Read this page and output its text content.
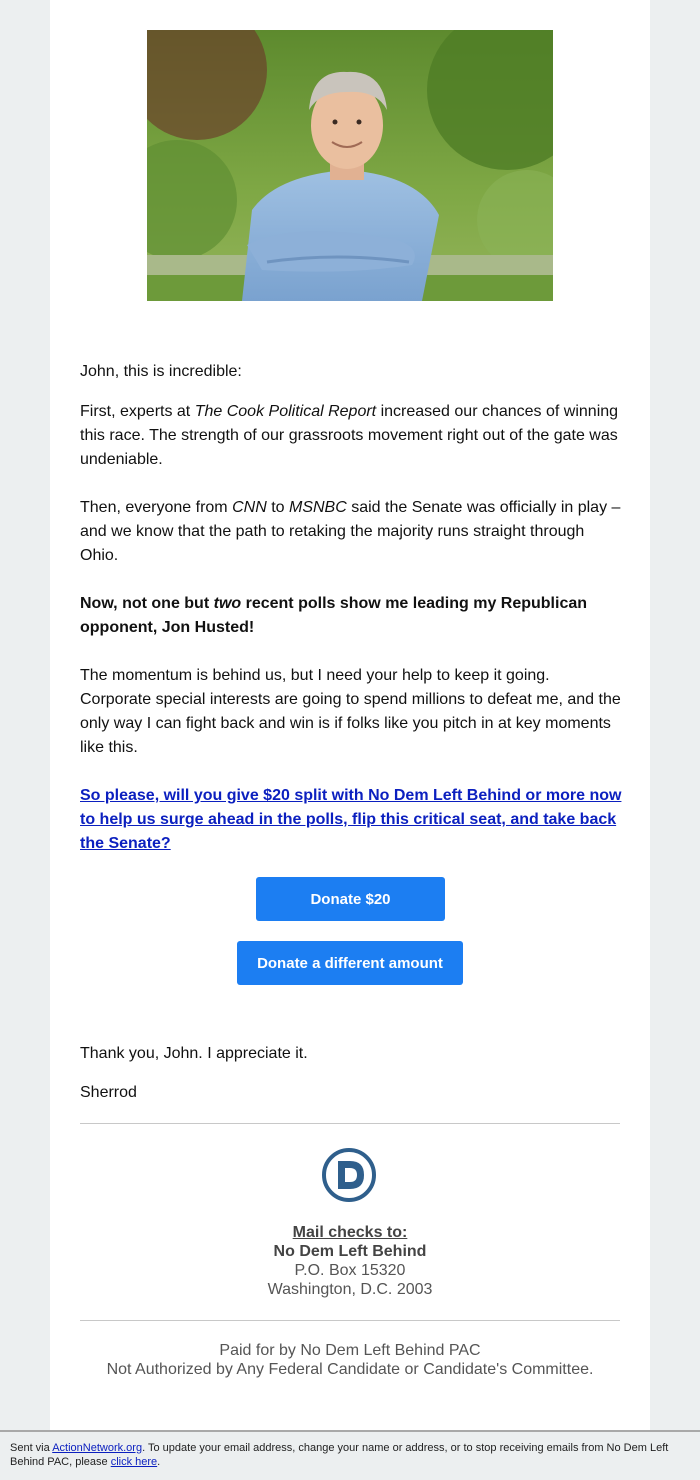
John, this is incredible:

First, experts at The Cook Political Report increased our chances of winning this race. The strength of our grassroots movement right out of the gate was undeniable.

Then, everyone from CNN to MSNBC said the Senate was officially in play – and we know that the path to retaking the majority runs straight through Ohio.

Now, not one but two recent polls show me leading my Republican opponent, Jon Husted!

The momentum is behind us, but I need your help to keep it going. Corporate special interests are going to spend millions to defeat me, and the only way I can fight back and win is if folks like you pitch in at key moments like this.

So please, will you give $20 split with No Dem Left Behind or more now to help us surge ahead in the polls, flip this critical seat, and take back the Senate?

Donate $20
Donate a different amount

Thank you, John. I appreciate it.

Sherrod

Mail checks to:
No Dem Left Behind
P.O. Box 15320
Washington, D.C. 2003
Paid for by No Dem Left Behind PAC
Not Authorized by Any Federal Candidate or Candidate's Committee.
Sent via ActionNetwork.org. To update your email address, change your name or address, or to stop receiving emails from No Dem Left Behind PAC, please click here.
